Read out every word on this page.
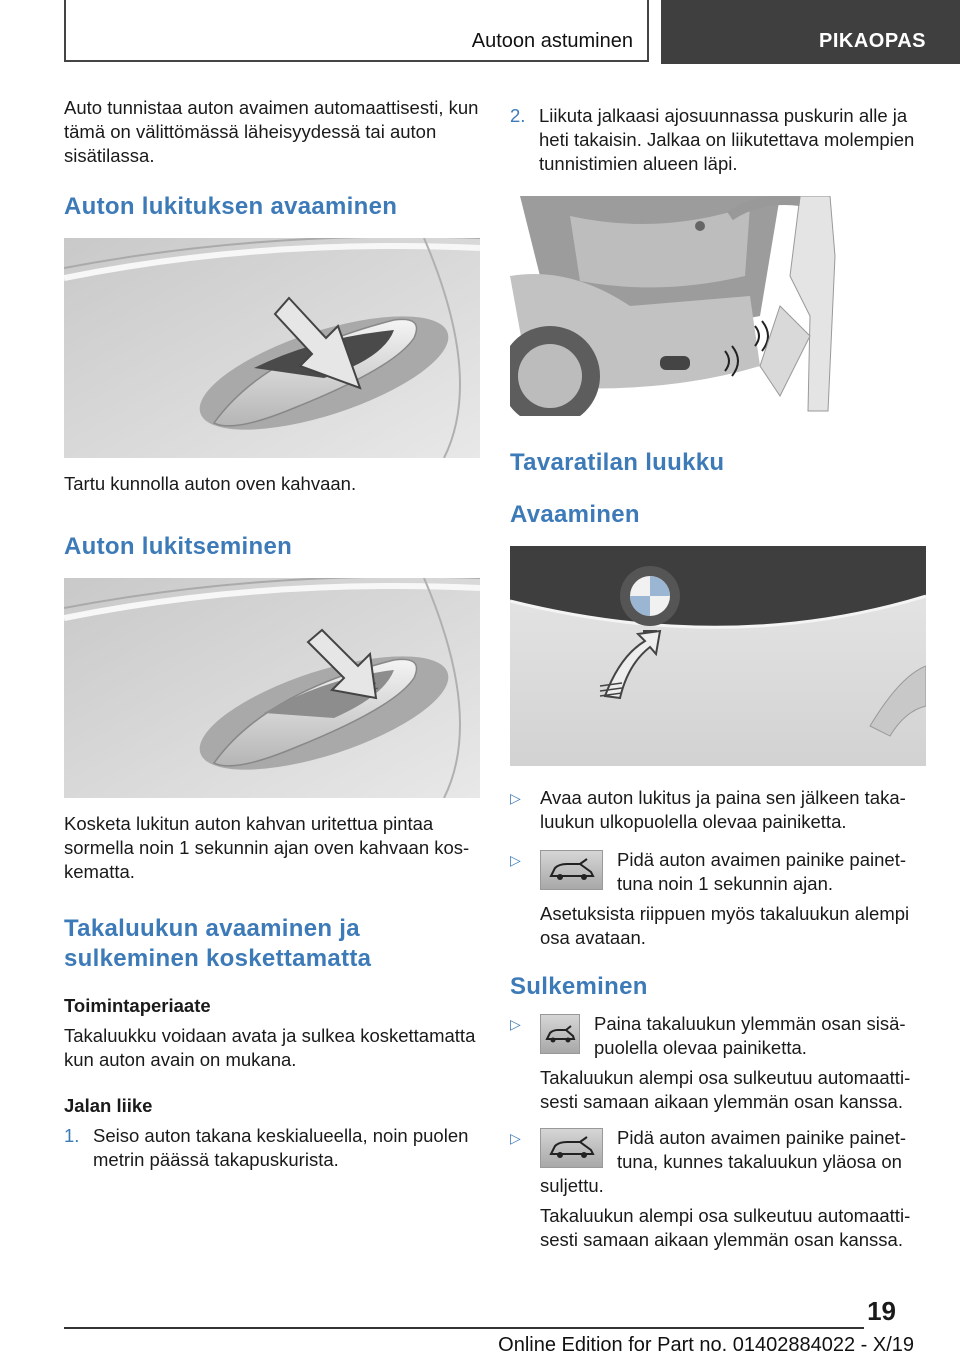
Autoon astuminen	PIKAOPAS

Auto tunnistaa auton avaimen automaattisesti, kun tämä on välittömässä läheisyydessä tai auton sisätilassa.

Auton lukituksen avaaminen

Tartu kunnolla auton oven kahvaan.

Auton lukitseminen

Kosketa lukitun auton kahvan uritettua pintaa sormella noin 1 sekunnin ajan oven kahvaan koskematta.

Takaluukun avaaminen ja sulkeminen koskettamatta
Toimintaperiaate

Takaluukku voidaan avata ja sulkea koskettamatta kun auton avain on mukana.

Jalan liike
1. Seiso auton takana keskialueella, noin puolen metrin päässä takapuskurista.

2. Liikuta jalkaasi ajosuunnassa puskurin alle ja heti takaisin. Jalkaa on liikutettava molempien tunnistimien alueen läpi.

Tavaratilan luukku
Avaaminen
▷ Avaa auton lukitus ja paina sen jälkeen takaluukun ulkopuolella olevaa painiketta.

▷	Pidä auton avaimen painike painettuna noin 1 sekunnin ajan.

Asetuksista riippuen myös takaluukun alempi osa avataan.

Sulkeminen
▷	Paina takaluukun ylemmän osan sisäpuolella olevaa painiketta.

Takaluukun alempi osa sulkeutuu automaattisesti samaan aikaan ylemmän osan kanssa.

▷	Pidä auton avaimen painike painettuna, kunnes takaluukun yläosa on suljettu.

Takaluukun alempi osa sulkeutuu automaattisesti samaan aikaan ylemmän osan kanssa.

19
Online Edition for Part no. 01402884022 - X/19
